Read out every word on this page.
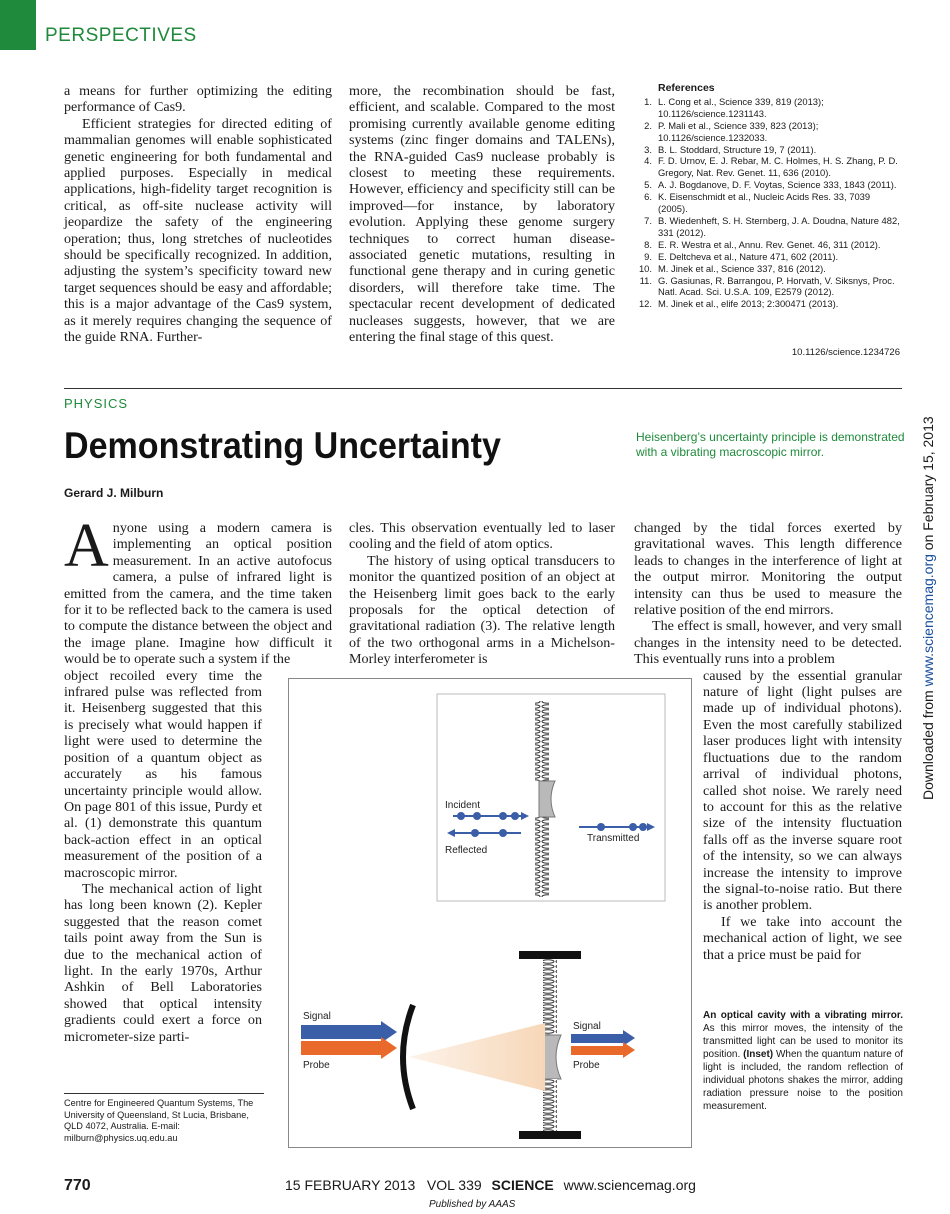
PERSPECTIVES

a means for further optimizing the editing performance of Cas9.

Efficient strategies for directed editing of mammalian genomes will enable sophisticated genetic engineering for both fundamental and applied purposes. Especially in medical applications, high-fidelity target recognition is critical, as off-site nuclease activity will jeopardize the safety of the engineering operation; thus, long stretches of nucleotides should be specifically recognized. In addition, adjusting the system’s specificity toward new target sequences should be easy and affordable; this is a major advantage of the Cas9 system, as it merely requires changing the sequence of the guide RNA. Further-

more, the recombination should be fast, efficient, and scalable. Compared to the most promising currently available genome editing systems (zinc finger domains and TALENs), the RNA-guided Cas9 nuclease probably is closest to meeting these requirements. However, efficiency and specificity still can be improved—for instance, by laboratory evolution. Applying these genome surgery techniques to correct human disease-associated genetic mutations, resulting in functional gene therapy and in curing genetic disorders, will therefore take time. The spectacular recent development of dedicated nucleases suggests, however, that we are entering the final stage of this quest.

References
1. L. Cong et al., Science 339, 819 (2013); 10.1126/science.1231143.
2. P. Mali et al., Science 339, 823 (2013); 10.1126/science.1232033.
3. B. L. Stoddard, Structure 19, 7 (2011).
4. F. D. Urnov, E. J. Rebar, M. C. Holmes, H. S. Zhang, P. D. Gregory, Nat. Rev. Genet. 11, 636 (2010).
5. A. J. Bogdanove, D. F. Voytas, Science 333, 1843 (2011).
6. K. Eisenschmidt et al., Nucleic Acids Res. 33, 7039 (2005).
7. B. Wiedenheft, S. H. Sternberg, J. A. Doudna, Nature 482, 331 (2012).
8. E. R. Westra et al., Annu. Rev. Genet. 46, 311 (2012).
9. E. Deltcheva et al., Nature 471, 602 (2011).
10. M. Jinek et al., Science 337, 816 (2012).
11. G. Gasiunas, R. Barrangou, P. Horvath, V. Siksnys, Proc. Natl. Acad. Sci. U.S.A. 109, E2579 (2012).
12. M. Jinek et al., elife 2013; 2:300471 (2013).
10.1126/science.1234726
PHYSICS
Demonstrating Uncertainty	Heisenberg’s uncertainty principle is demonstrated with a vibrating macroscopic mirror.
Gerard J. Milburn

Anyone using a modern camera is implementing an optical position measurement. In an active autofocus camera, a pulse of infrared light is emitted from the camera, and the time taken for it to be reflected back to the camera is used to compute the distance between the object and the image plane. Imagine how difficult it would be to operate such a system if the

object recoiled every time the infrared pulse was reflected from it. Heisenberg suggested that this is precisely what would happen if light were used to determine the position of a quantum object as accurately as his famous uncertainty principle would allow. On page 801 of this issue, Purdy et al. (1) demonstrate this quantum back-action effect in an optical measurement of the position of a macroscopic mirror.

The mechanical action of light has long been known (2). Kepler suggested that the reason comet tails point away from the Sun is due to the mechanical action of light. In the early 1970s, Arthur Ashkin of Bell Laboratories showed that optical intensity gradients could exert a force on micrometer-size parti-

cles. This observation eventually led to laser cooling and the field of atom optics.

The history of using optical transducers to monitor the quantized position of an object at the Heisenberg limit goes back to the early proposals for the optical detection of gravitational radiation (3). The relative length of the two orthogonal arms in a Michelson-Morley interferometer is

changed by the tidal forces exerted by gravitational waves. This length difference leads to changes in the interference of light at the output mirror. Monitoring the output intensity can thus be used to measure the relative position of the end mirrors.

The effect is small, however, and very small changes in the intensity need to be detected. This eventually runs into a problem

caused by the essential granular nature of light (light pulses are made up of individual photons). Even the most carefully stabilized laser produces light with intensity fluctuations due to the random arrival of individual photons, called shot noise. We rarely need to account for this as the relative size of the intensity fluctuation falls off as the inverse square root of the intensity, so we can always increase the intensity to improve the signal-to-noise ratio. But there is another problem.

If we take into account the mechanical action of light, we see that a price must be paid for

Centre for Engineered Quantum Systems, The University of Queensland, St Lucia, Brisbane, QLD 4072, Australia. E-mail: milburn@physics.uq.edu.au
Incident
Reflected
Transmitted
Signal
Probe
Signal
Probe
An optical cavity with a vibrating mirror. As this mirror moves, the intensity of the transmitted light can be used to monitor its position. (Inset) When the quantum nature of light is included, the random reflection of individual photons shakes the mirror, adding radiation pressure noise to the position measurement.
770	15 FEBRUARY 2013   VOL 339 SCIENCE www.sciencemag.org
Published by AAAS
Downloaded from www.sciencemag.org on February 15, 2013
